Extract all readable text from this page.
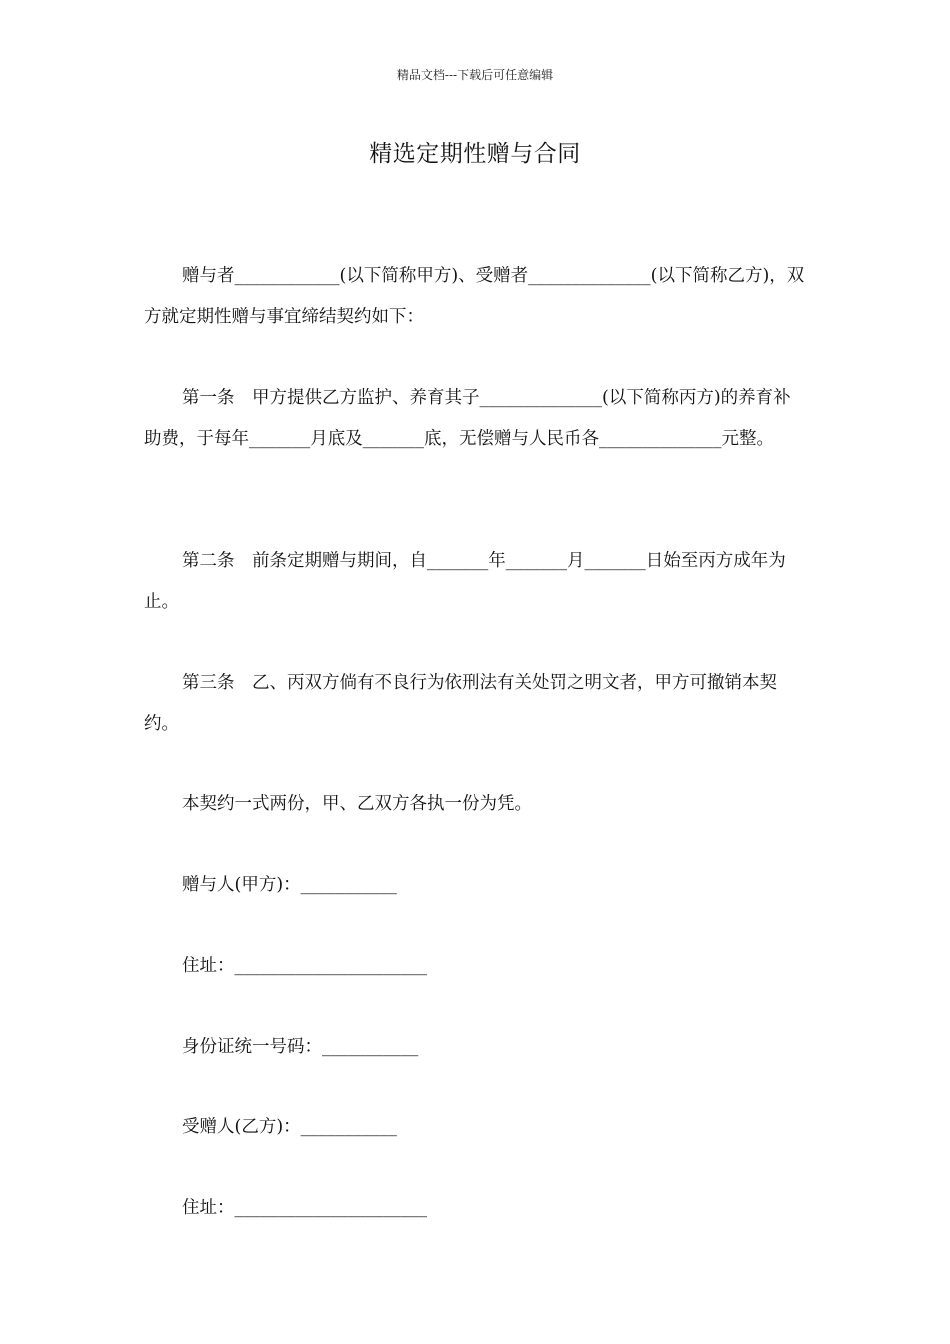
精品文档---下载后可任意编辑
精选定期性赠与合同
赠与者____________(以下简称甲方)、受赠者______________(以下简称乙方)，双方就定期性赠与事宜缔结契约如下：
第一条　甲方提供乙方监护、养育其子______________(以下简称丙方)的养育补助费，于每年_______月底及_______底，无偿赠与人民币各______________元整。
第二条　前条定期赠与期间，自_______年_______月_______日始至丙方成年为止。
第三条　乙、丙双方倘有不良行为依刑法有关处罚之明文者，甲方可撤销本契约。
本契约一式两份，甲、乙双方各执一份为凭。
赠与人(甲方)：___________
住址：______________________
身份证统一号码：___________
受赠人(乙方)：___________
住址：______________________
